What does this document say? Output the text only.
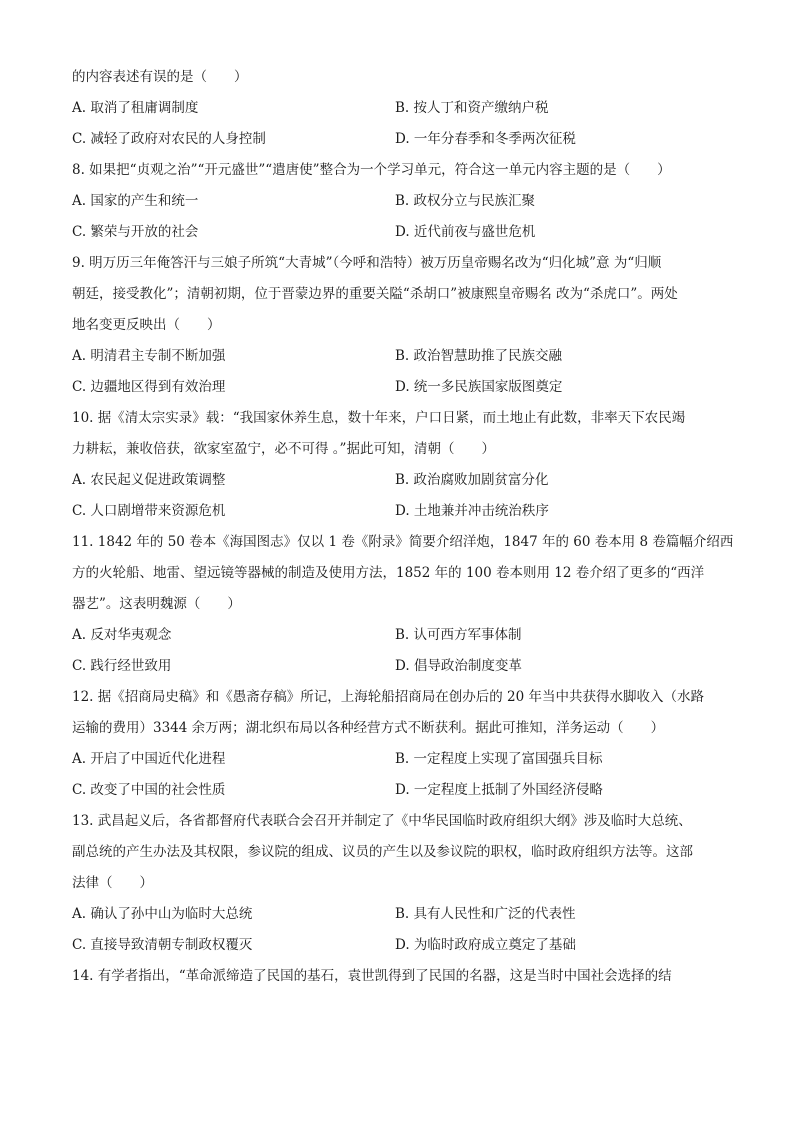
的内容表述有误的是（　　）
A. 取消了租庸调制度	B. 按人丁和资产缴纳户税
C. 减轻了政府对农民的人身控制	D. 一年分春季和冬季两次征税
8. 如果把“贞观之治”“开元盛世”“遣唐使”整合为一个学习单元，符合这一单元内容主题的是（　　）
A. 国家的产生和统一	B. 政权分立与民族汇聚
C. 繁荣与开放的社会	D. 近代前夜与盛世危机
9. 明万历三年俺答汗与三娘子所筑“大青城”（今呼和浩特）被万历皇帝赐名改为“归化城”意 为“归顺
朝廷，接受教化”；清朝初期，位于晋蒙边界的重要关隘“杀胡口”被康熙皇帝赐名 改为“杀虎口”。两处
地名变更反映出（　　）
A. 明清君主专制不断加强	B. 政治智慧助推了民族交融
C. 边疆地区得到有效治理	D. 统一多民族国家版图奠定
10. 据《清太宗实录》载：“我国家休养生息，数十年来，户口日紧，而土地止有此数，非率天下农民竭
力耕耘，兼收倍获，欲家室盈宁，必不可得 。”据此可知，清朝（　　）
A. 农民起义促进政策调整	B. 政治腐败加剧贫富分化
C. 人口剧增带来资源危机	D. 土地兼并冲击统治秩序
11. 1842 年的 50 卷本《海国图志》仅以 1 卷《附录》简要介绍洋炮，1847 年的 60 卷本用 8 卷篇幅介绍西
方的火轮船、地雷、望远镜等器械的制造及使用方法，1852 年的 100 卷本则用 12 卷介绍了更多的“西洋
器艺”。这表明魏源（　　）
A. 反对华夷观念	B. 认可西方军事体制
C. 践行经世致用	D. 倡导政治制度变革
12. 据《招商局史稿》和《愚斋存稿》所记，上海轮船招商局在创办后的 20 年当中共获得水脚收入（水路
运输的费用）3344 余万两；湖北织布局以各种经营方式不断获利。据此可推知，洋务运动（　　）
A. 开启了中国近代化进程	B. 一定程度上实现了富国强兵目标
C. 改变了中国的社会性质	D. 一定程度上抵制了外国经济侵略
13. 武昌起义后，各省都督府代表联合会召开并制定了《中华民国临时政府组织大纲》涉及临时大总统、
副总统的产生办法及其权限，参议院的组成、议员的产生以及参议院的职权，临时政府组织方法等。这部
法律（　　）
A. 确认了孙中山为临时大总统	B. 具有人民性和广泛的代表性
C. 直接导致清朝专制政权覆灭	D. 为临时政府成立奠定了基础
14. 有学者指出，“革命派缔造了民国的基石，袁世凯得到了民国的名器，这是当时中国社会选择的结
